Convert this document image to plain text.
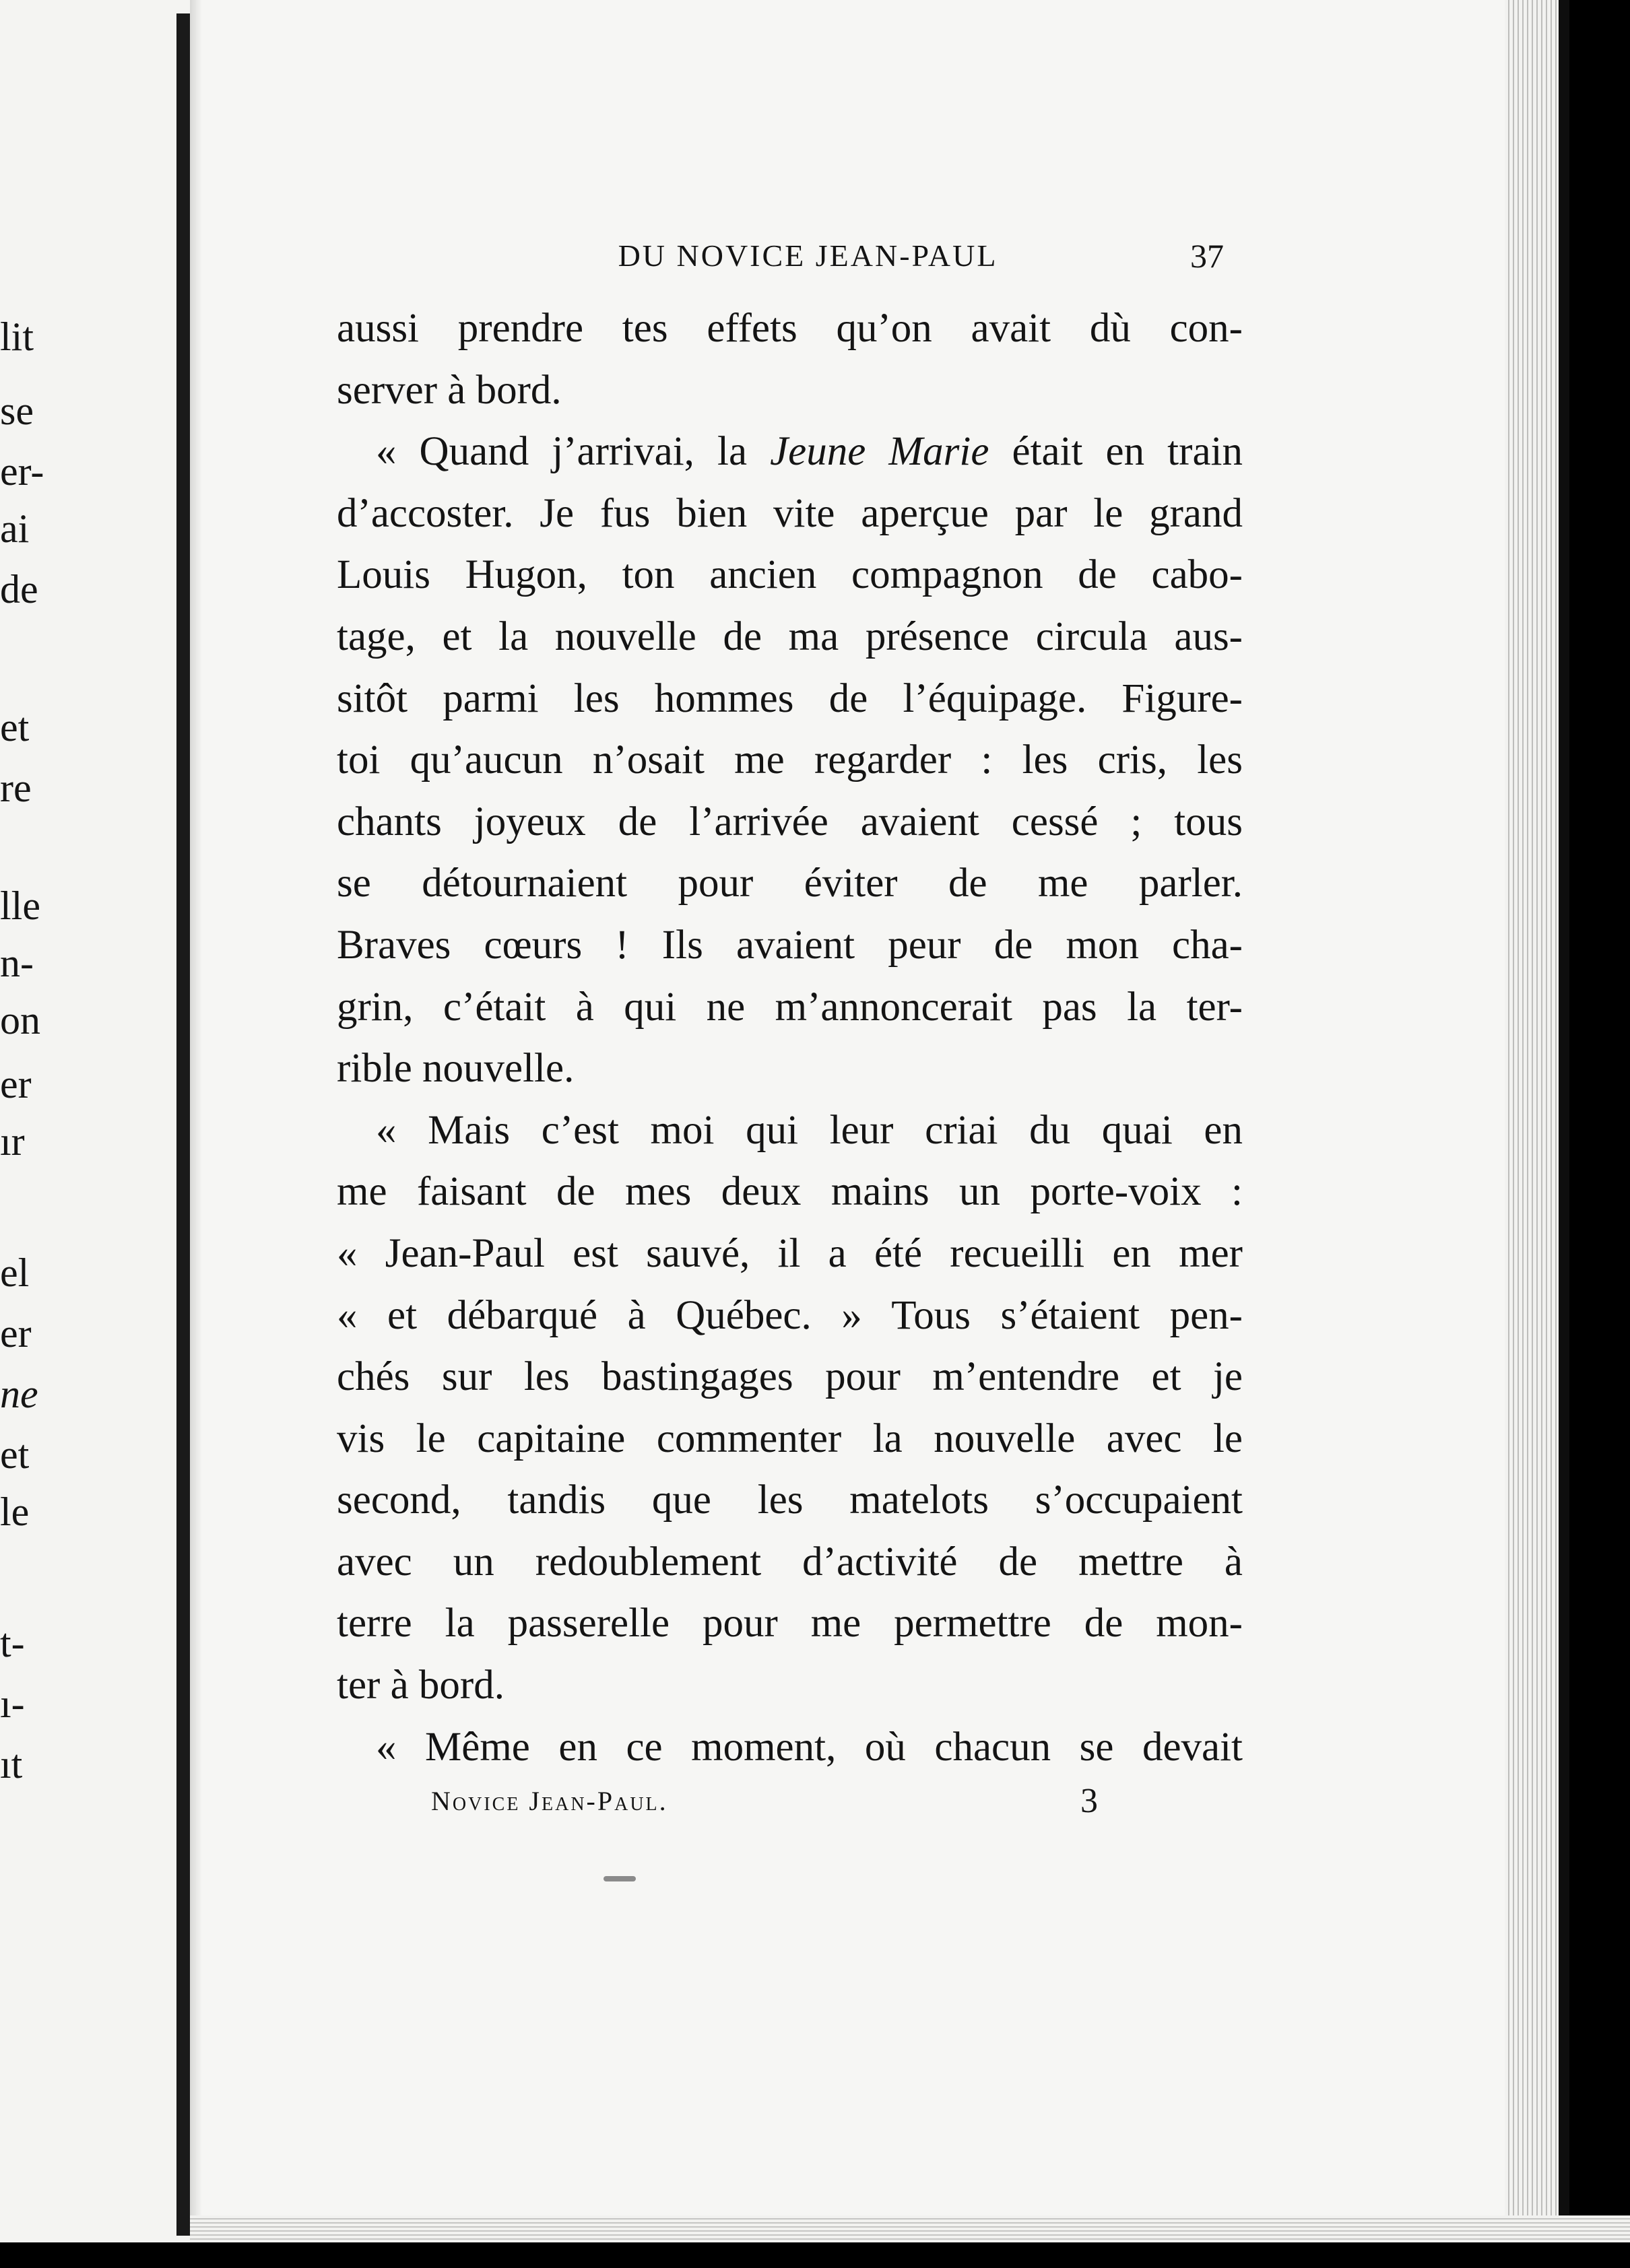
lit
se
er-
ai
de
et
re
lle
n-
on
er
ır
el
er
ne
et
le
t-
ı-
ıt
DU NOVICE JEAN-PAUL	37
aussi prendre tes effets qu’on avait dù con-
server à bord.
« Quand j’arrivai, la Jeune Marie était en train
d’accoster. Je fus bien vite aperçue par le grand
Louis Hugon, ton ancien compagnon de cabo-
tage, et la nouvelle de ma présence circula aus-
sitôt parmi les hommes de l’équipage. Figure-
toi qu’aucun n’osait me regarder : les cris, les
chants joyeux de l’arrivée avaient cessé ; tous
se détournaient pour éviter de me parler.
Braves cœurs ! Ils avaient peur de mon cha-
grin, c’était à qui ne m’annoncerait pas la ter-
rible nouvelle.
« Mais c’est moi qui leur criai du quai en
me faisant de mes deux mains un porte-voix :
« Jean-Paul est sauvé, il a été recueilli en mer
« et débarqué à Québec. » Tous s’étaient pen-
chés sur les bastingages pour m’entendre et je
vis le capitaine commenter la nouvelle avec le
second, tandis que les matelots s’occupaient
avec un redoublement d’activité de mettre à
terre la passerelle pour me permettre de mon-
ter à bord.
« Même en ce moment, où chacun se devait
Novice Jean-Paul.	3
